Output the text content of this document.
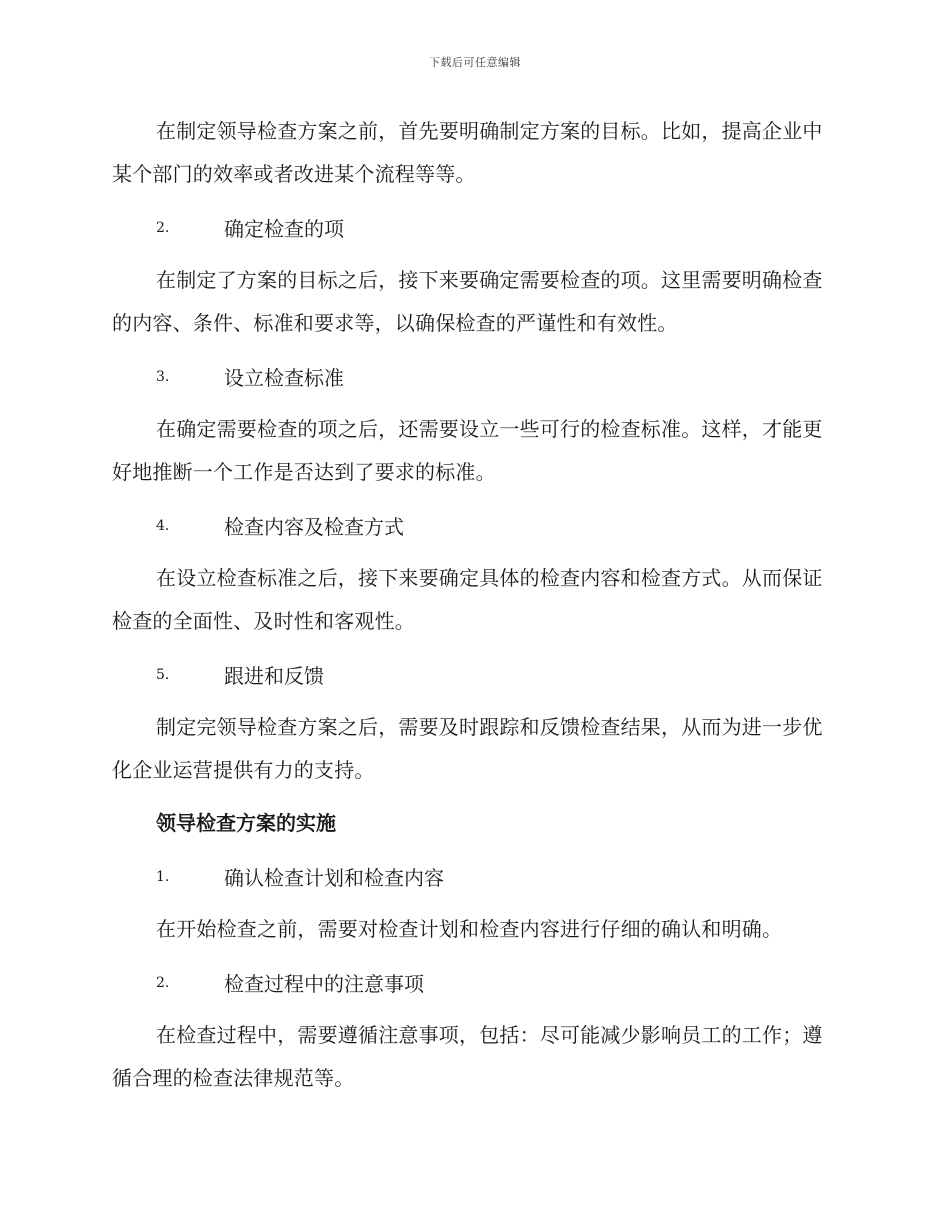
下载后可任意编辑

在制定领导检查方案之前，首先要明确制定方案的目标。比如，提高企业中某个部门的效率或者改进某个流程等等。

2.	确定检查的项

在制定了方案的目标之后，接下来要确定需要检查的项。这里需要明确检查的内容、条件、标准和要求等，以确保检查的严谨性和有效性。

3.	设立检查标准

在确定需要检查的项之后，还需要设立一些可行的检查标准。这样，才能更好地推断一个工作是否达到了要求的标准。

4.	检查内容及检查方式

在设立检查标准之后，接下来要确定具体的检查内容和检查方式。从而保证检查的全面性、及时性和客观性。

5.	跟进和反馈

制定完领导检查方案之后，需要及时跟踪和反馈检查结果，从而为进一步优化企业运营提供有力的支持。

领导检查方案的实施
1.	确认检查计划和检查内容

在开始检查之前，需要对检查计划和检查内容进行仔细的确认和明确。

2.	检查过程中的注意事项

在检查过程中，需要遵循注意事项，包括：尽可能减少影响员工的工作；遵循合理的检查法律规范等。
